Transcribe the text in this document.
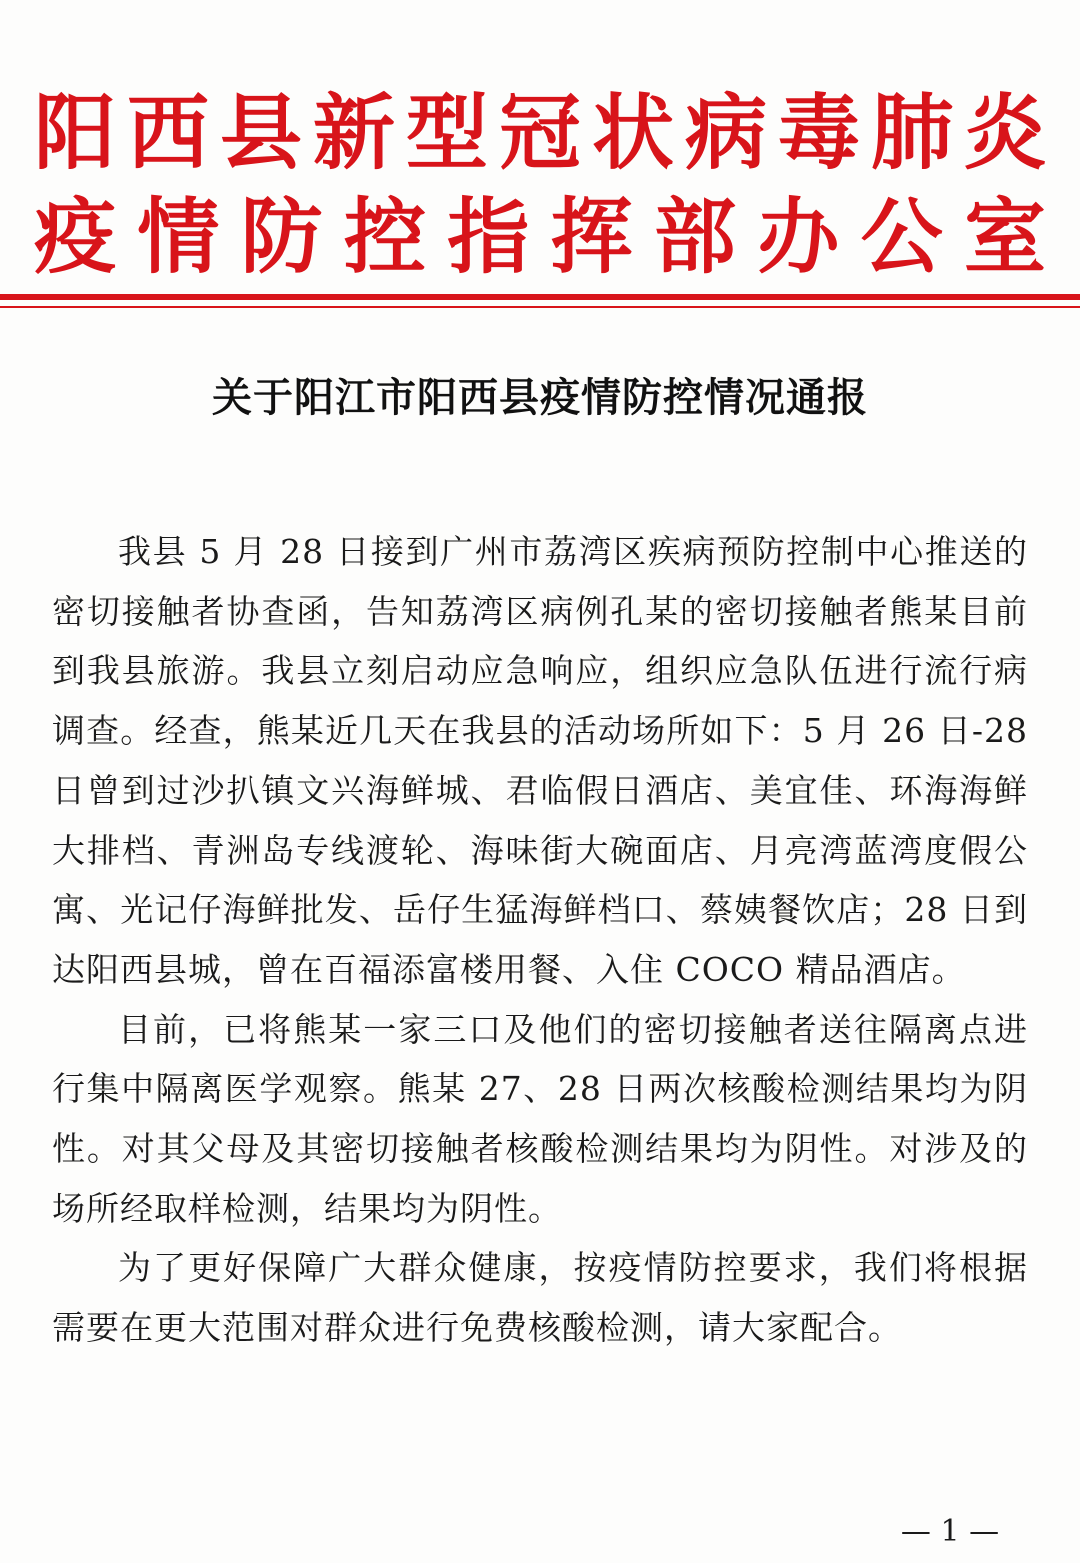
阳西县新型冠状病毒肺炎
疫情防控指挥部办公室
关于阳江市阳西县疫情防控情况通报

我县 5 月 28 日接到广州市荔湾区疾病预防控制中心推送的密切接触者协查函，告知荔湾区病例孔某的密切接触者熊某目前到我县旅游。我县立刻启动应急响应，组织应急队伍进行流行病调查。经查，熊某近几天在我县的活动场所如下：5 月 26 日-28 日曾到过沙扒镇文兴海鲜城、君临假日酒店、美宜佳、环海海鲜大排档、青洲岛专线渡轮、海味街大碗面店、月亮湾蓝湾度假公寓、光记仔海鲜批发、岳仔生猛海鲜档口、蔡姨餐饮店；28 日到达阳西县城，曾在百福添富楼用餐、入住 COCO 精品酒店。

目前，已将熊某一家三口及他们的密切接触者送往隔离点进行集中隔离医学观察。熊某 27、28 日两次核酸检测结果均为阴性。对其父母及其密切接触者核酸检测结果均为阴性。对涉及的场所经取样检测，结果均为阴性。

为了更好保障广大群众健康，按疫情防控要求，我们将根据需要在更大范围对群众进行免费核酸检测，请大家配合。

— 1 —
